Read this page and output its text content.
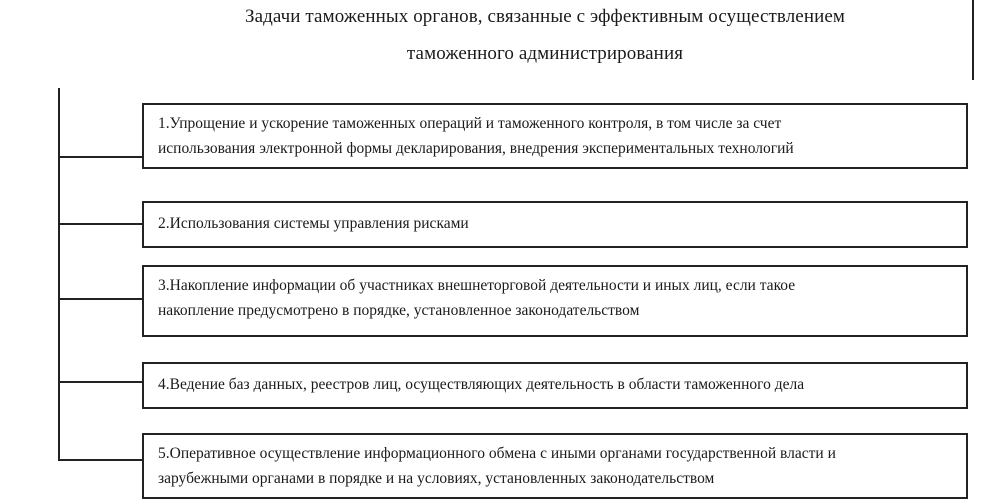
Задачи таможенных органов, связанные с эффективным осуществлением
таможенного администрирования
1.Упрощение и ускорение таможенных операций и таможенного контроля, в том числе за счет
использования электронной формы декларирования, внедрения экспериментальных технологий
2.Использования системы управления рисками
3.Накопление информации об участниках внешнеторговой деятельности и иных лиц, если такое
накопление предусмотрено в порядке, установленное законодательством
4.Ведение баз данных, реестров лиц, осуществляющих деятельность в области таможенного дела
5.Оперативное осуществление информационного обмена с иными органами государственной власти и
зарубежными органами в порядке и на условиях, установленных законодательством
